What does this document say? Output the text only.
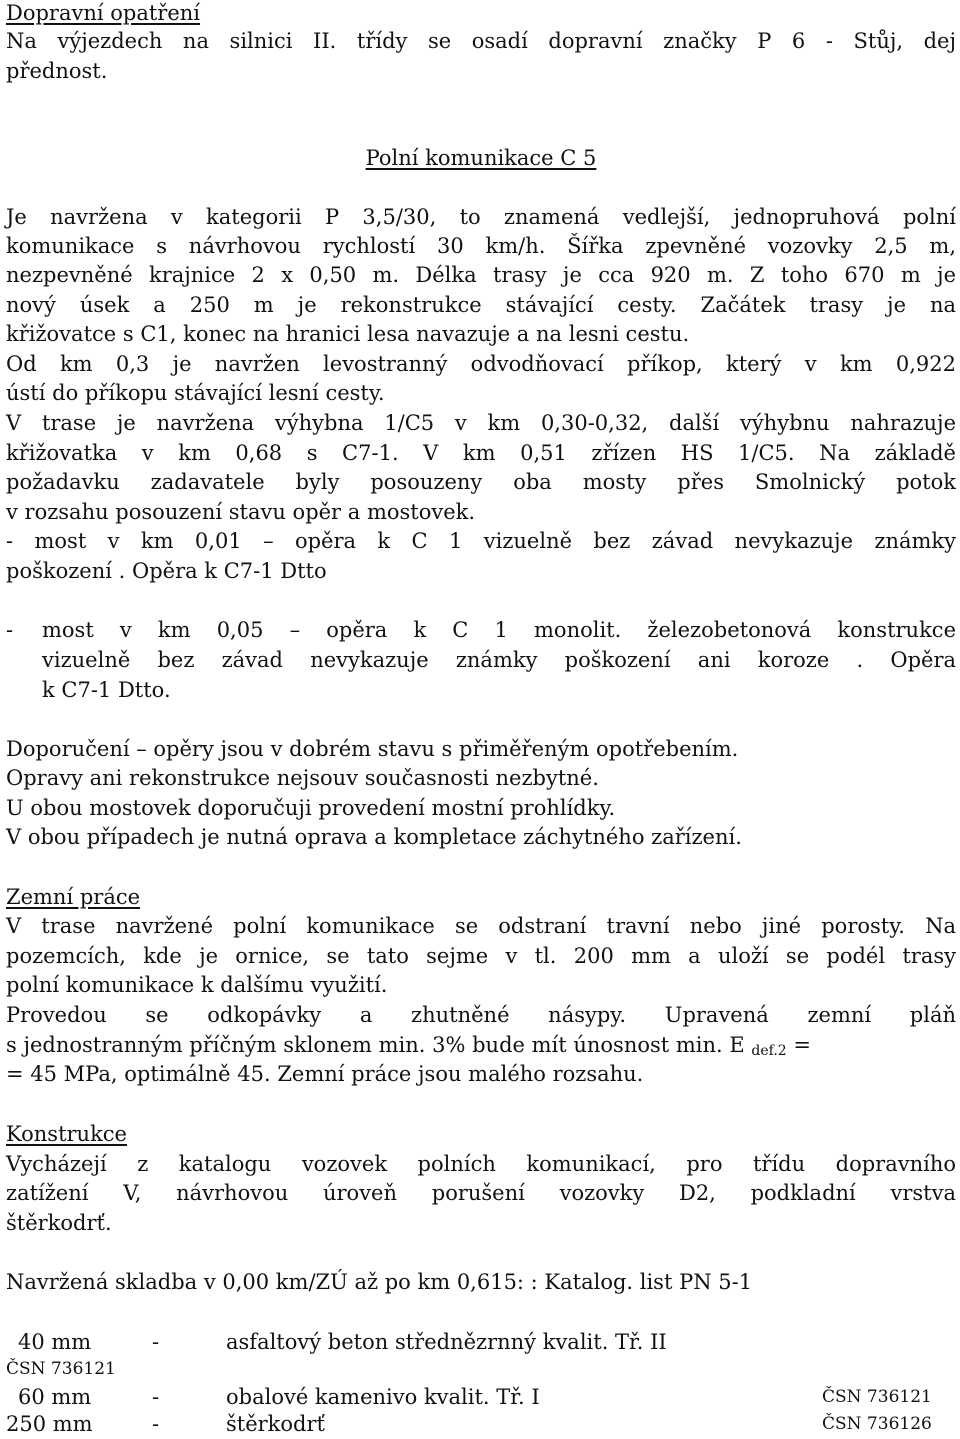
Dopravní opatření
Na výjezdech na silnici II. třídy se osadí dopravní značky P 6 - Stůj, dej
přednost.
Polní komunikace C 5
Je navržena v kategorii P 3,5/30, to znamená vedlejší, jednopruhová polní
komunikace s návrhovou rychlostí 30 km/h. Šířka zpevněné vozovky 2,5 m,
nezpevněné krajnice 2 x 0,50 m. Délka trasy je cca 920 m. Z toho 670 m je
nový úsek a 250 m je rekonstrukce stávající cesty. Začátek trasy je na
křižovatce s C1, konec na hranici lesa navazuje a na lesni cestu.
Od km 0,3 je navržen levostranný odvodňovací příkop, který v km 0,922
ústí do příkopu stávající lesní cesty.
V trase je navržena výhybna 1/C5 v km 0,30-0,32, další výhybnu nahrazuje
křižovatka v km 0,68 s C7-1. V km 0,51 zřízen HS 1/C5. Na základě
požadavku zadavatele byly posouzeny oba mosty přes Smolnický potok
v rozsahu posouzení stavu opěr a mostovek.
- most v km 0,01 – opěra k C 1 vizuelně bez závad nevykazuje známky
poškození . Opěra k C7-1 Dtto
-	most v km 0,05 – opěra k C 1 monolit. železobetonová konstrukce
vizuelně bez závad nevykazuje známky poškození ani koroze . Opěra
k C7-1 Dtto.
Doporučení – opěry jsou v dobrém stavu s přiměřeným opotřebením.
Opravy ani rekonstrukce nejsouv současnosti nezbytné.
U obou mostovek doporučuji provedení mostní prohlídky.
V obou případech je nutná oprava a kompletace záchytného zařízení.
Zemní práce
V trase navržené polní komunikace se odstraní travní nebo jiné porosty. Na
pozemcích, kde je ornice, se tato sejme v tl. 200 mm a uloží se podél trasy
polní komunikace k dalšímu využití.
Provedou se odkopávky a zhutněné násypy. Upravená zemní pláň
s jednostranným příčným sklonem min. 3% bude mít únosnost min. E $_{def.2}$ =
= 45 MPa, optimálně 45. Zemní práce jsou malého rozsahu.
Konstrukce
Vycházejí z katalogu vozovek polních komunikací, pro třídu dopravního
zatížení V, návrhovou úroveň porušení vozovky D2, podkladní vrstva
štěrkodrť.
Navržená skladba v 0,00 km/ZÚ až po km 0,615: : Katalog. list PN 5-1
40 mm	-	asfaltový beton střednězrnný kvalit. Tř. II
ČSN 736121
60 mm	-	obalové kamenivo kvalit. Tř. I	ČSN 736121
250 mm	-	štěrkodrť	ČSN 736126
